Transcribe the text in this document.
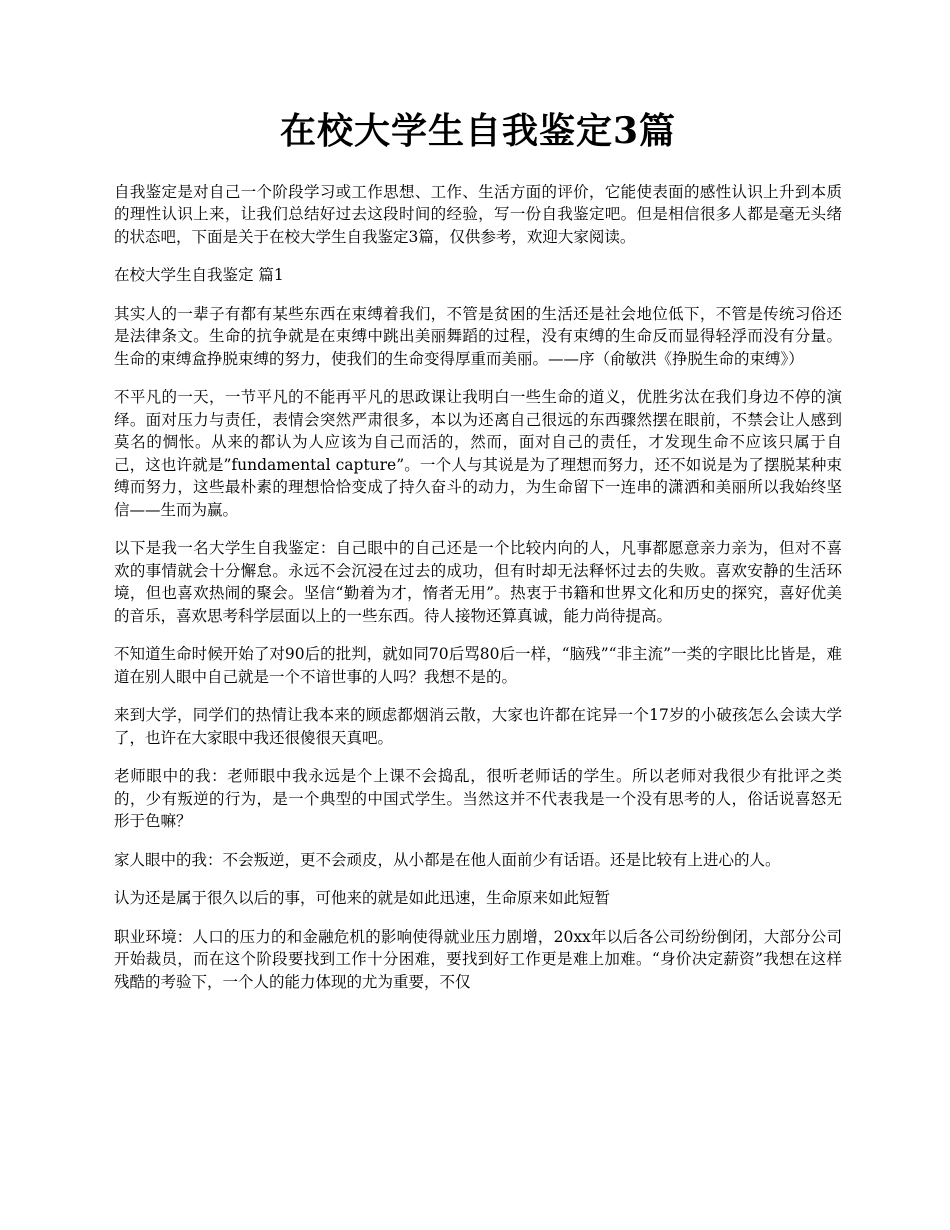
在校大学生自我鉴定3篇

自我鉴定是对自己一个阶段学习或工作思想、工作、生活方面的评价，它能使表面的感性认识上升到本质的理性认识上来，让我们总结好过去这段时间的经验，写一份自我鉴定吧。但是相信很多人都是毫无头绪的状态吧，下面是关于在校大学生自我鉴定3篇，仅供参考，欢迎大家阅读。

在校大学生自我鉴定 篇1

其实人的一辈子有都有某些东西在束缚着我们，不管是贫困的生活还是社会地位低下，不管是传统习俗还是法律条文。生命的抗争就是在束缚中跳出美丽舞蹈的过程，没有束缚的生命反而显得轻浮而没有分量。生命的束缚盒挣脱束缚的努力，使我们的生命变得厚重而美丽。——序（俞敏洪《挣脱生命的束缚》）

不平凡的一天，一节平凡的不能再平凡的思政课让我明白一些生命的道义，优胜劣汰在我们身边不停的演绎。面对压力与责任，表情会突然严肃很多，本以为还离自己很远的东西骤然摆在眼前，不禁会让人感到莫名的惆怅。从来的都认为人应该为自己而活的，然而，面对自己的责任，才发现生命不应该只属于自己，这也许就是”fundamental capture”。一个人与其说是为了理想而努力，还不如说是为了摆脱某种束缚而努力，这些最朴素的理想恰恰变成了持久奋斗的动力，为生命留下一连串的潇洒和美丽所以我始终坚信——生而为赢。

以下是我一名大学生自我鉴定：自己眼中的自己还是一个比较内向的人，凡事都愿意亲力亲为，但对不喜欢的事情就会十分懈怠。永远不会沉浸在过去的成功，但有时却无法释怀过去的失败。喜欢安静的生活环境，但也喜欢热闹的聚会。坚信“勤着为才，惰者无用”。热衷于书籍和世界文化和历史的探究，喜好优美的音乐，喜欢思考科学层面以上的一些东西。待人接物还算真诚，能力尚待提高。

不知道生命时候开始了对90后的批判，就如同70后骂80后一样，“脑残”“非主流”一类的字眼比比皆是，难道在别人眼中自己就是一个不谙世事的人吗？我想不是的。

来到大学，同学们的热情让我本来的顾虑都烟消云散，大家也许都在诧异一个17岁的小破孩怎么会读大学了，也许在大家眼中我还很傻很天真吧。

老师眼中的我：老师眼中我永远是个上课不会捣乱，很听老师话的学生。所以老师对我很少有批评之类的，少有叛逆的行为，是一个典型的中国式学生。当然这并不代表我是一个没有思考的人，俗话说喜怒无形于色嘛？

家人眼中的我：不会叛逆，更不会顽皮，从小都是在他人面前少有话语。还是比较有上进心的人。

认为还是属于很久以后的事，可他来的就是如此迅速，生命原来如此短暂

职业环境：人口的压力的和金融危机的影响使得就业压力剧增，20xx年以后各公司纷纷倒闭，大部分公司开始裁员，而在这个阶段要找到工作十分困难，要找到好工作更是难上加难。“身价决定薪资”我想在这样残酷的考验下，一个人的能力体现的尤为重要，不仅
